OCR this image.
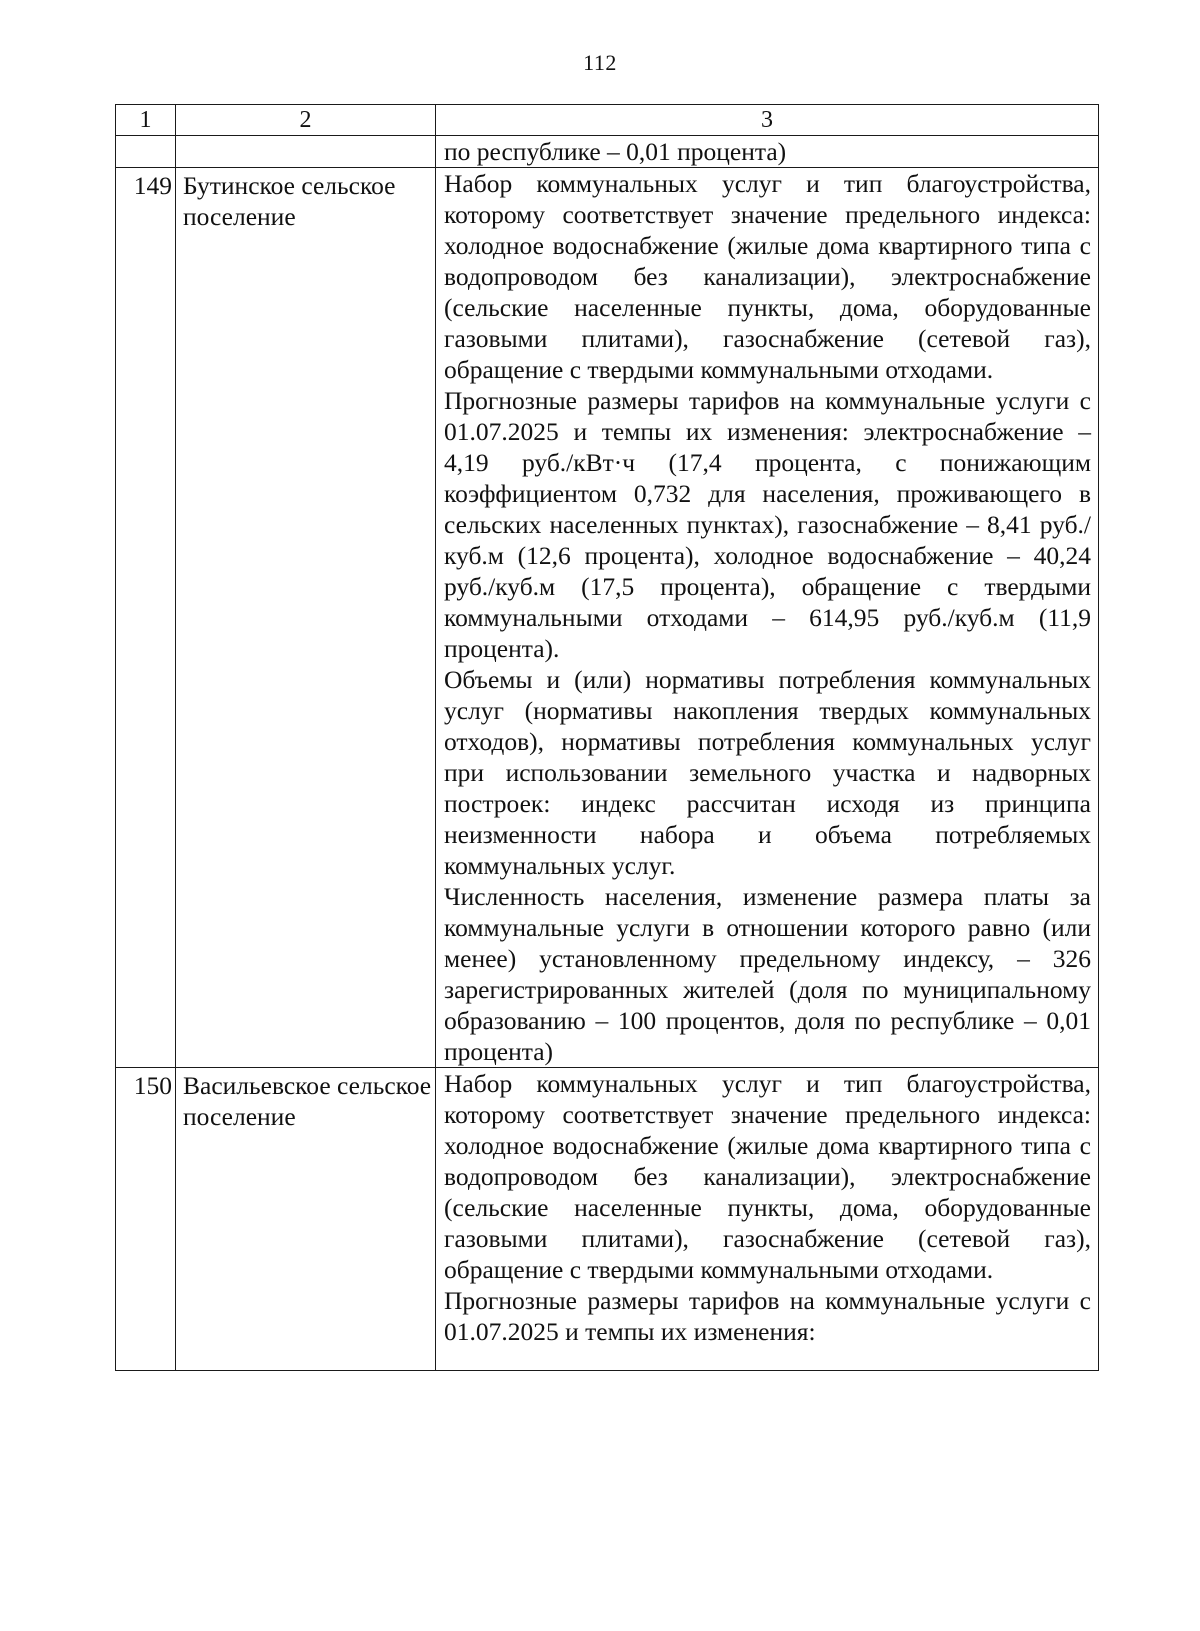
112
1	2	3
		по республике – 0,01 процента)
149	Бутинское сельское поселение	Набор коммунальных услуг и тип благоустройства, которому соответствует значение предельного индекса: холодное водоснабжение (жилые дома квартирного типа с водопроводом без канализации), электроснабжение (сельские населенные пункты, дома, оборудованные газовыми плитами), газоснабжение (сетевой газ), обращение с твердыми коммунальными отходами.

Прогнозные размеры тарифов на коммунальные услуги с 01.07.2025 и темпы их изменения: электроснабжение – 4,19 руб./кВт·ч (17,4 процента, с понижающим коэффициентом 0,732 для населения, проживающего в сельских населенных пунктах), газоснабжение – 8,41 руб./куб.м (12,6 процента), холодное водоснабжение – 40,24 руб./куб.м (17,5 процента), обращение с твердыми коммунальными отходами – 614,95 руб./куб.м (11,9 процента).

Объемы и (или) нормативы потребления коммунальных услуг (нормативы накопления твердых коммунальных отходов), нормативы потребления коммунальных услуг при использовании земельного участка и надворных построек: индекс рассчитан исходя из принципа неизменности набора и объема потребляемых коммунальных услуг.

Численность населения, изменение размера платы за коммунальные услуги в отношении которого равно (или менее) установленному предельному индексу, – 326 зарегистрированных жителей (доля по муниципальному образованию – 100 процентов, доля по республике – 0,01 процента)

150	Васильевское сельское поселение	Набор коммунальных услуг и тип благоустройства, которому соответствует значение предельного индекса: холодное водоснабжение (жилые дома квартирного типа с водопроводом без канализации), электроснабжение (сельские населенные пункты, дома, оборудованные газовыми плитами), газоснабжение (сетевой газ), обращение с твердыми коммунальными отходами.

Прогнозные размеры тарифов на коммунальные услуги с 01.07.2025 и темпы их изменения:
